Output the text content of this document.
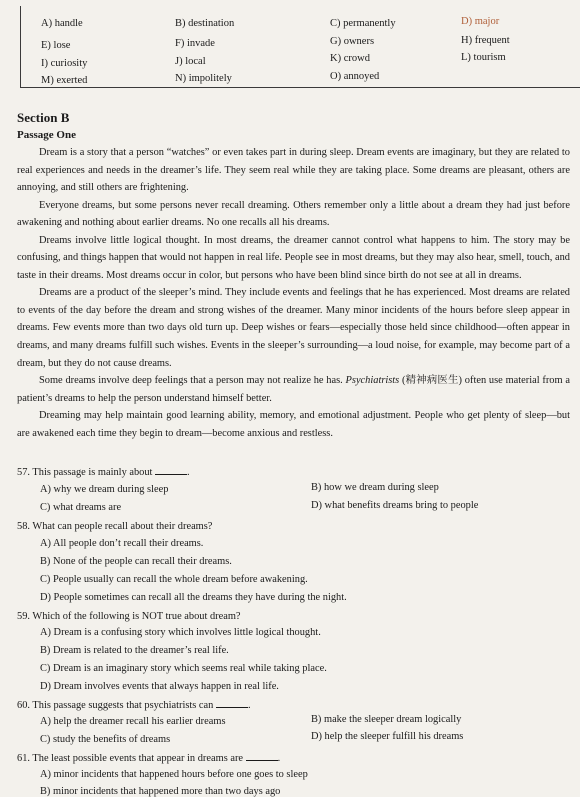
A) handle	B) destination	C) permanently	D) major
E) lose	F) invade	G) owners	H) frequent
I) curiosity	J) local	K) crowd	L) tourism
M) exerted	N) impolitely	O) annoyed
Section B
Passage One

Dream is a story that a person “watches” or even takes part in during sleep. Dream events are imaginary, but they are related to real experiences and needs in the dreamer’s life. They seem real while they are taking place. Some dreams are pleasant, others are annoying, and still others are frightening.

Everyone dreams, but some persons never recall dreaming. Others remember only a little about a dream they had just before awakening and nothing about earlier dreams. No one recalls all his dreams.

Dreams involve little logical thought. In most dreams, the dreamer cannot control what happens to him. The story may be confusing, and things happen that would not happen in real life. People see in most dreams, but they may also hear, smell, touch, and taste in their dreams. Most dreams occur in color, but persons who have been blind since birth do not see at all in dreams.

Dreams are a product of the sleeper’s mind. They include events and feelings that he has experienced. Most dreams are related to events of the day before the dream and strong wishes of the dreamer. Many minor incidents of the hours before sleep appear in dreams. Few events more than two days old turn up. Deep wishes or fears—especially those held since childhood—often appear in dreams, and many dreams fulfill such wishes. Events in the sleeper’s surrounding—a loud noise, for example, may become part of a dream, but they do not cause dreams.

Some dreams involve deep feelings that a person may not realize he has. Psychiatrists (精神病医生) often use material from a patient’s dreams to help the person understand himself better.

Dreaming may help maintain good learning ability, memory, and emotional adjustment. People who get plenty of sleep—but are awakened each time they begin to dream—become anxious and restless.

57. This passage is mainly about	.
A) why we dream during sleep	B) how we dream during sleep
C) what dreams are	D) what benefits dreams bring to people
58. What can people recall about their dreams?
A) All people don’t recall their dreams.
B) None of the people can recall their dreams.
C) People usually can recall the whole dream before awakening.
D) People sometimes can recall all the dreams they have during the night.
59. Which of the following is NOT true about dream?
A) Dream is a confusing story which involves little logical thought.
B) Dream is related to the dreamer’s real life.
C) Dream is an imaginary story which seems real while taking place.
D) Dream involves events that always happen in real life.
60. This passage suggests that psychiatrists can	.
A) help the dreamer recall his earlier dreams	B) make the sleeper dream logically
C) study the benefits of dreams	D) help the sleeper fulfill his dreams
61. The least possible events that appear in dreams are	.
A) minor incidents that happened hours before one goes to sleep
B) minor incidents that happened more than two days ago
